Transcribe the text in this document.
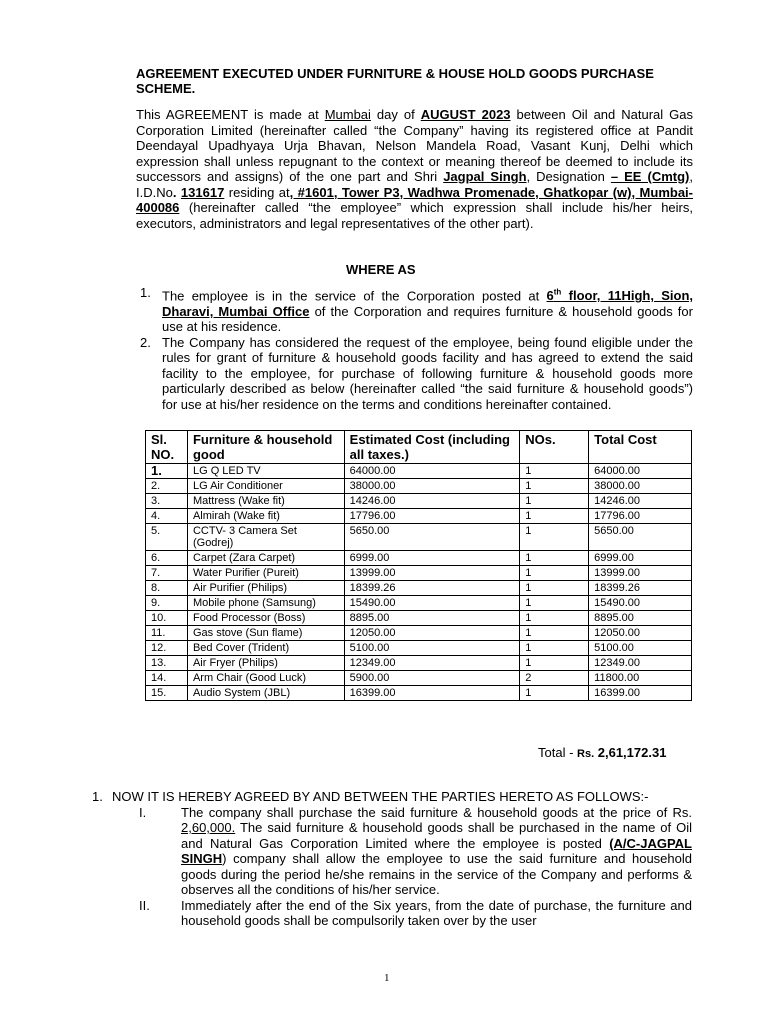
AGREEMENT EXECUTED UNDER FURNITURE & HOUSE HOLD GOODS PURCHASE SCHEME.
This AGREEMENT is made at Mumbai day of AUGUST 2023 between Oil and Natural Gas Corporation Limited (hereinafter called “the Company” having its registered office at Pandit Deendayal Upadhyaya Urja Bhavan, Nelson Mandela Road, Vasant Kunj, Delhi which expression shall unless repugnant to the context or meaning thereof be deemed to include its successors and assigns) of the one part and Shri Jagpal Singh, Designation – EE (Cmtg), I.D.No. 131617 residing at, #1601, Tower P3, Wadhwa Promenade, Ghatkopar (w), Mumbai-400086 (hereinafter called “the employee” which expression shall include his/her heirs, executors, administrators and legal representatives of the other part).
WHERE AS
1. The employee is in the service of the Corporation posted at 6th floor, 11High, Sion, Dharavi, Mumbai Office of the Corporation and requires furniture & household goods for use at his residence.
2. The Company has considered the request of the employee, being found eligible under the rules for grant of furniture & household goods facility and has agreed to extend the said facility to the employee, for purchase of following furniture & household goods more particularly described as below (hereinafter called “the said furniture & household goods”) for use at his/her residence on the terms and conditions hereinafter contained.
Sl. NO.	Furniture & household good	Estimated Cost (including all taxes.)	NOs.	Total Cost
1.	LG Q LED TV	64000.00	1	64000.00
2.	LG Air Conditioner	38000.00	1	38000.00
3.	Mattress (Wake fit)	14246.00	1	14246.00
4.	Almirah (Wake fit)	17796.00	1	17796.00
5.	CCTV- 3 Camera Set (Godrej)	5650.00	1	5650.00
6.	Carpet (Zara Carpet)	6999.00	1	6999.00
7.	Water Purifier (Pureit)	13999.00	1	13999.00
8.	Air Purifier (Philips)	18399.26	1	18399.26
9.	Mobile phone (Samsung)	15490.00	1	15490.00
10.	Food Processor (Boss)	8895.00	1	8895.00
11.	Gas stove (Sun flame)	12050.00	1	12050.00
12.	Bed Cover (Trident)	5100.00	1	5100.00
13.	Air Fryer (Philips)	12349.00	1	12349.00
14.	Arm Chair (Good Luck)	5900.00	2	11800.00
15.	Audio System (JBL)	16399.00	1	16399.00
Total - Rs. 2,61,172.31
1. NOW IT IS HEREBY AGREED BY AND BETWEEN THE PARTIES HERETO AS FOLLOWS:-
I.	The company shall purchase the said furniture & household goods at the price of Rs. 2,60,000. The said furniture & household goods shall be purchased in the name of Oil and Natural Gas Corporation Limited where the employee is posted (A/C-JAGPAL SINGH) company shall allow the employee to use the said furniture and household goods during the period he/she remains in the service of the Company and performs & observes all the conditions of his/her service.
II.	Immediately after the end of the Six years, from the date of purchase, the furniture and household goods shall be compulsorily taken over by the user
1
